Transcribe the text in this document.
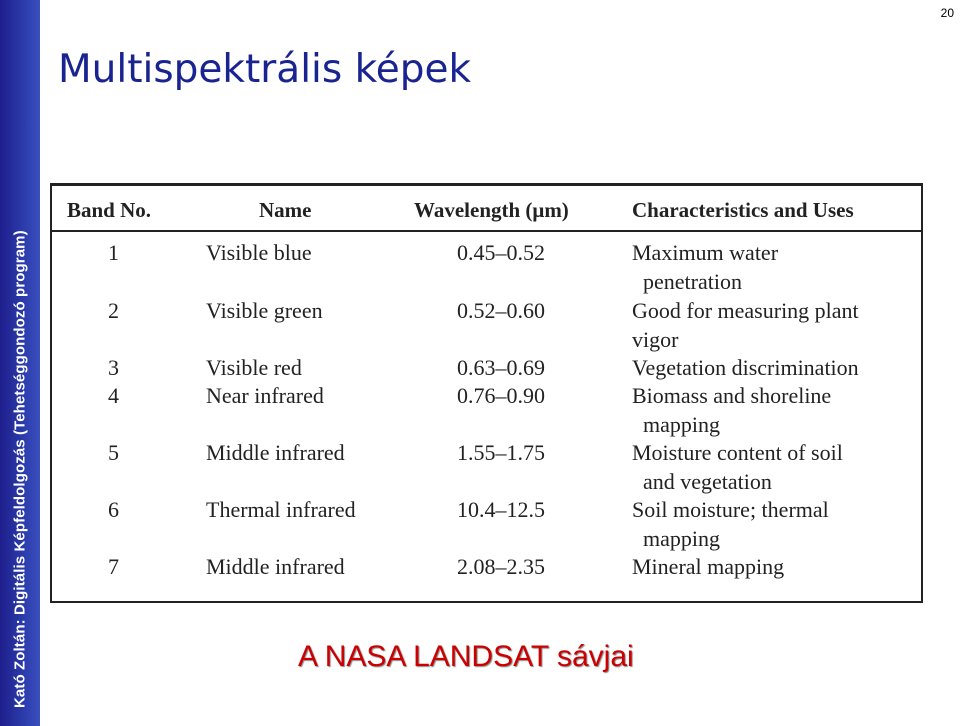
Kató Zoltán: Digitális Képfeldolgozás (Tehetséggondozó program)
20
Multispektrális képek
Band No.	Name	Wavelength (μm)	Characteristics and Uses
1	Visible blue	0.45–0.52	Maximum water
penetration
2	Visible green	0.52–0.60	Good for measuring plant
vigor
3	Visible red	0.63–0.69	Vegetation discrimination
4	Near infrared	0.76–0.90	Biomass and shoreline
mapping
5	Middle infrared	1.55–1.75	Moisture content of soil
and vegetation
6	Thermal infrared	10.4–12.5	Soil moisture; thermal
mapping
7	Middle infrared	2.08–2.35	Mineral mapping

A NASA LANDSAT sávjai
